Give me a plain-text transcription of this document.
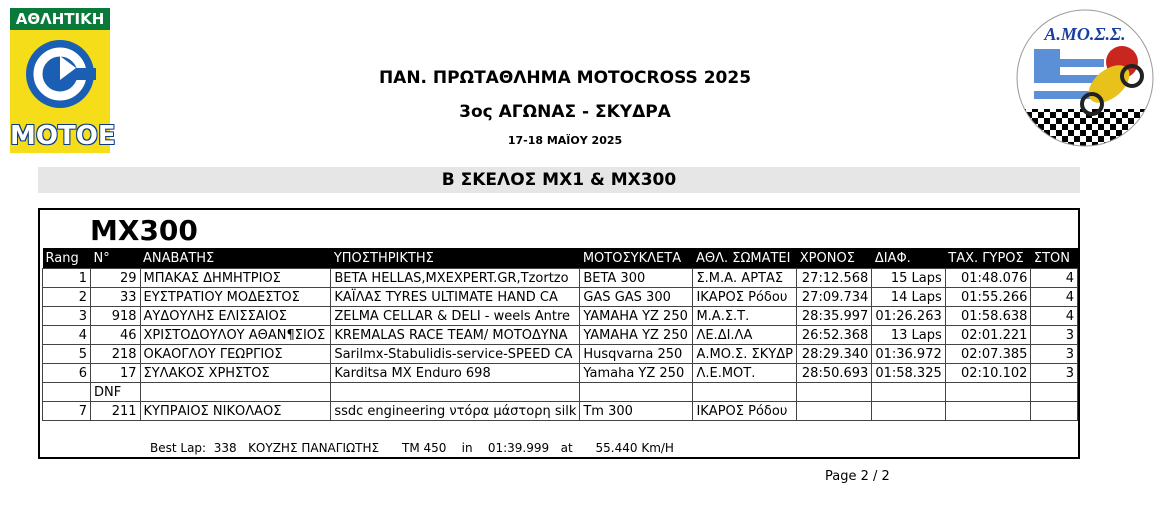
ΑΘΛΗΤΙΚΗ
MOTOE
Α.ΜΟ.Σ.Σ.
ΠΑΝ. ΠΡΩΤΑΘΛΗΜΑ MOTOCROSS 2025
3ος ΑΓΩΝΑΣ - ΣΚΥΔΡΑ
17-18 ΜΑΪΟΥ 2025
Β ΣΚΕΛΟΣ MX1 & MX300
MX300
Rang	N°	ΑΝΑΒΑΤΗΣ	ΥΠΟΣΤΗΡΙΚΤΗΣ	ΜΟΤΟΣΥΚΛΕΤΑ	ΑΘΛ. ΣΩΜΑΤΕΙ	ΧΡΟΝΟΣ	ΔΙΑΦ.	ΤΑΧ. ΓΥΡΟΣ	ΣΤΟΝ
1	29	ΜΠΑΚΑΣ ΔΗΜΗΤΡΙΟΣ	BETA HELLAS,MXEXPERT.GR,Tzortzo	BETA 300	Σ.Μ.Α. ΑΡΤΑΣ	27:12.568	15 Laps	01:48.076	4
2	33	ΕΥΣΤΡΑΤΙΟΥ ΜΟΔΕΣΤΟΣ	ΚΑΪΛΑΣ TYRES ULTIMATE HAND CA	GAS GAS 300	ΙΚΑΡΟΣ Ρόδου	27:09.734	14 Laps	01:55.266	4
3	918	ΑΥΔΟΥΛΗΣ ΕΛΙΣΣΑΙΟΣ	ZELMA CELLAR & DELI - weels Antre	YAMAHA YZ 250	Μ.Α.Σ.Τ.	28:35.997	01:26.263	01:58.638	4
4	46	ΧΡΙΣΤΟΔΟΥΛΟΥ ΑΘΑΝ¶ΣΙΟΣ	KREMALAS RACE TEAM/ ΜΟΤΟΔΥΝΑ	YAMAHA YZ 250	ΛΕ.ΔΙ.ΛΑ	26:52.368	13 Laps	02:01.221	3
5	218	ΟΚΑΟΓΛΟΥ ΓΕΩΡΓΙΟΣ	Sarilmx-Stabulidis-service-SPEED CA	Husqvarna 250	Α.ΜΟ.Σ. ΣΚΥΔΡ	28:29.340	01:36.972	02:07.385	3
6	17	ΣΥΛΑΚΟΣ ΧΡΗΣΤΟΣ	Karditsa MX Enduro 698	Yamaha YZ 250	Λ.Ε.ΜΟΤ.	28:50.693	01:58.325	02:10.102	3
	DNF								
7	211	ΚΥΠΡΑΙΟΣ ΝΙΚΟΛΑΟΣ	ssdc engineering ντόρα μάστορη silk	Tm 300	ΙΚΑΡΟΣ Ρόδου				
Best Lap:  338   ΚΟΥΖΗΣ ΠΑΝΑΓΙΩΤΗΣ      TM 450    in    01:39.999   at      55.440 Km/H
Page 2 / 2
